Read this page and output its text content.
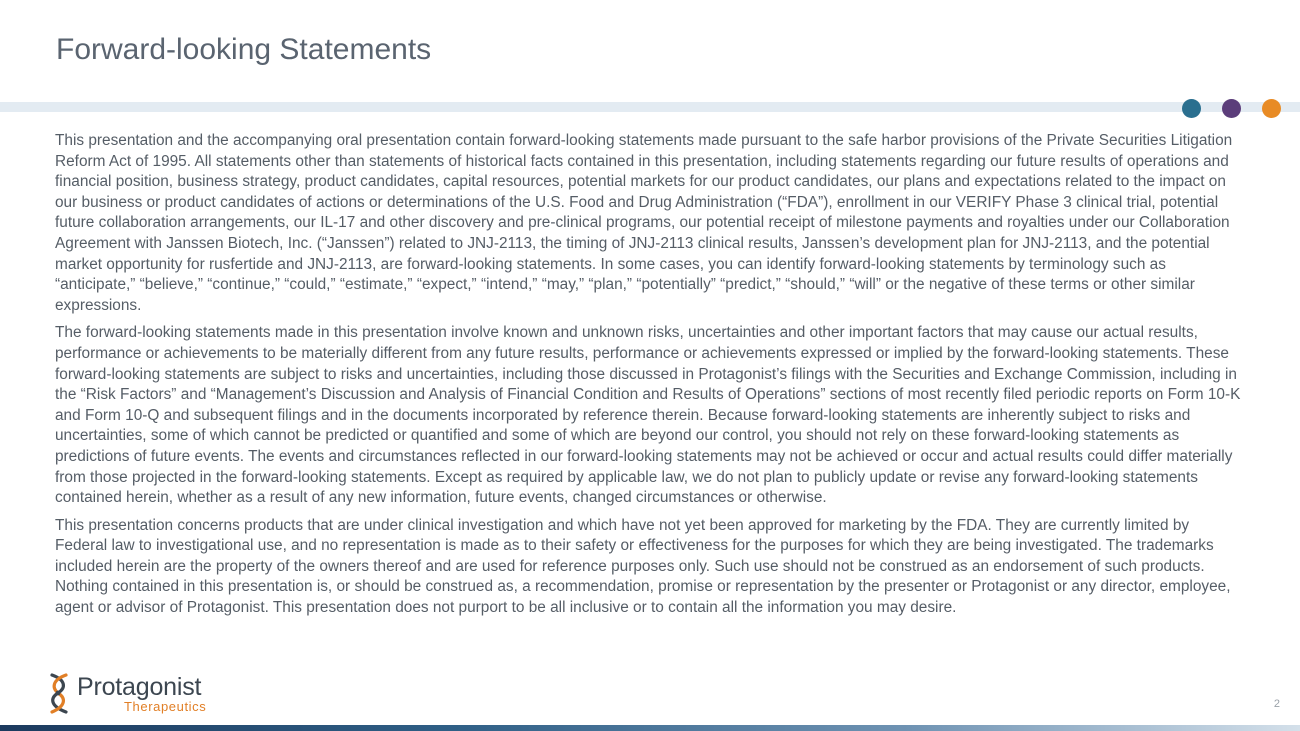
Forward-looking Statements

This presentation and the accompanying oral presentation contain forward-looking statements made pursuant to the safe harbor provisions of the Private Securities Litigation Reform Act of 1995. All statements other than statements of historical facts contained in this presentation, including statements regarding our future results of operations and financial position, business strategy, product candidates, capital resources, potential markets for our product candidates, our plans and expectations related to the impact on our business or product candidates of actions or determinations of the U.S. Food and Drug Administration (“FDA”), enrollment in our VERIFY Phase 3 clinical trial, potential future collaboration arrangements, our IL-17 and other discovery and pre-clinical programs, our potential receipt of milestone payments and royalties under our Collaboration Agreement with Janssen Biotech, Inc. (“Janssen”) related to JNJ-2113, the timing of JNJ-2113 clinical results, Janssen’s development plan for JNJ-2113, and the potential market opportunity for rusfertide and JNJ-2113, are forward-looking statements. In some cases, you can identify forward-looking statements by terminology such as “anticipate,” “believe,” “continue,” “could,” “estimate,” “expect,” “intend,” “may,” “plan,” “potentially” “predict,” “should,” “will” or the negative of these terms or other similar expressions.

The forward-looking statements made in this presentation involve known and unknown risks, uncertainties and other important factors that may cause our actual results, performance or achievements to be materially different from any future results, performance or achievements expressed or implied by the forward-looking statements. These forward-looking statements are subject to risks and uncertainties, including those discussed in Protagonist’s filings with the Securities and Exchange Commission, including in the “Risk Factors” and “Management’s Discussion and Analysis of Financial Condition and Results of Operations” sections of most recently filed periodic reports on Form 10-K and Form 10-Q and subsequent filings and in the documents incorporated by reference therein. Because forward-looking statements are inherently subject to risks and uncertainties, some of which cannot be predicted or quantified and some of which are beyond our control, you should not rely on these forward-looking statements as predictions of future events. The events and circumstances reflected in our forward-looking statements may not be achieved or occur and actual results could differ materially from those projected in the forward-looking statements. Except as required by applicable law, we do not plan to publicly update or revise any forward-looking statements contained herein, whether as a result of any new information, future events, changed circumstances or otherwise.

This presentation concerns products that are under clinical investigation and which have not yet been approved for marketing by the FDA. They are currently limited by Federal law to investigational use, and no representation is made as to their safety or effectiveness for the purposes for which they are being investigated. The trademarks included herein are the property of the owners thereof and are used for reference purposes only. Such use should not be construed as an endorsement of such products. Nothing contained in this presentation is, or should be construed as, a recommendation, promise or representation by the presenter or Protagonist or any director, employee, agent or advisor of Protagonist. This presentation does not purport to be all inclusive or to contain all the information you may desire.

Protagonist
Therapeutics	2
